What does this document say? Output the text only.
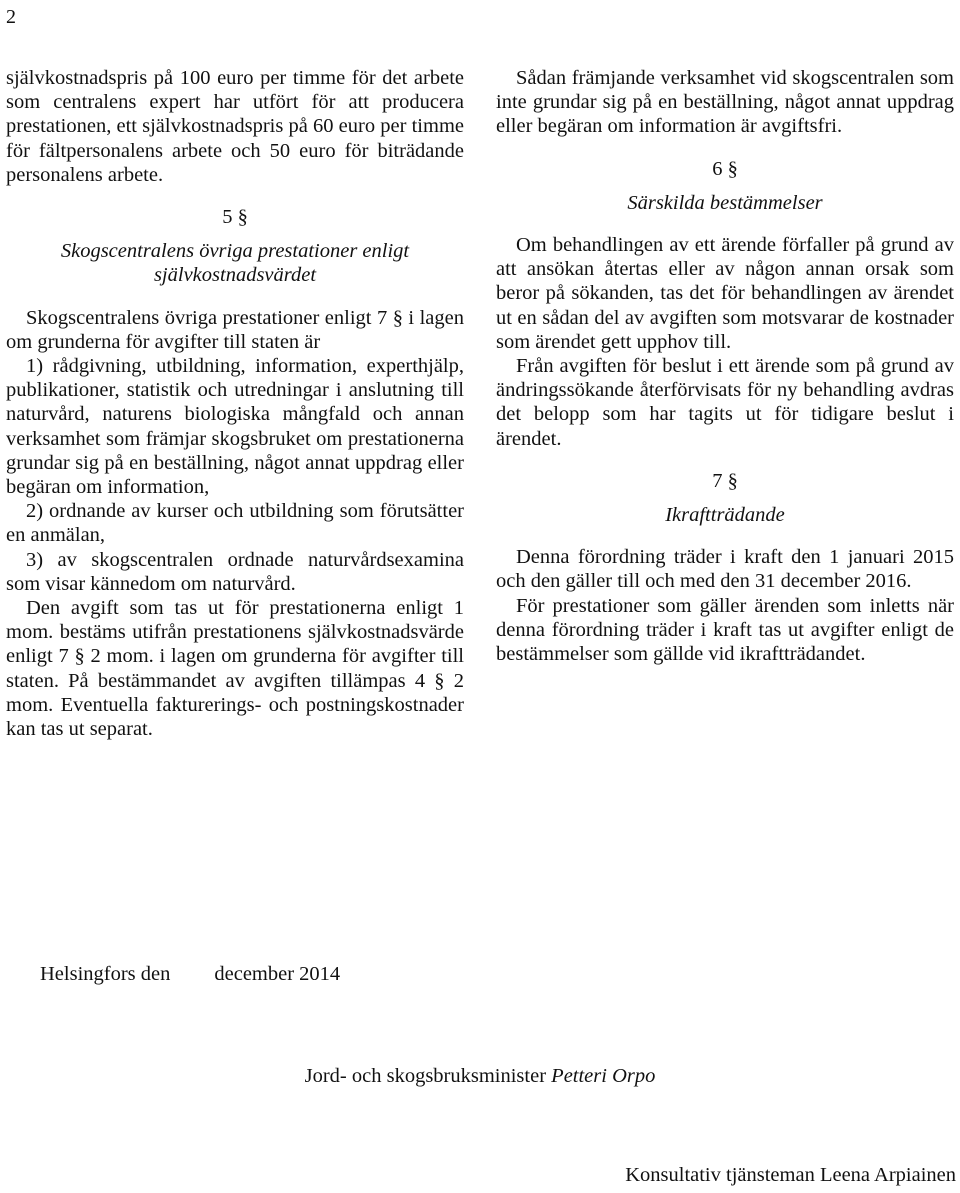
2

självkostnadspris på 100 euro per timme för det arbete som centralens expert har utfört för att producera prestationen, ett självkostnadspris på 60 euro per timme för fältpersonalens arbete och 50 euro för biträdande personalens arbete.

5 §
Skogscentralens övriga prestationer enligt självkostnadsvärdet

Skogscentralens övriga prestationer enligt 7 § i lagen om grunderna för avgifter till staten är

1) rådgivning, utbildning, information, experthjälp, publikationer, statistik och utredningar i anslutning till naturvård, naturens biologiska mångfald och annan verksamhet som främjar skogsbruket om prestationerna grundar sig på en beställning, något annat uppdrag eller begäran om information,

2) ordnande av kurser och utbildning som förutsätter en anmälan,

3) av skogscentralen ordnade naturvårdsexamina som visar kännedom om naturvård.

Den avgift som tas ut för prestationerna enligt 1 mom. bestäms utifrån prestationens självkostnadsvärde enligt 7 § 2 mom. i lagen om grunderna för avgifter till staten. På bestämmandet av avgiften tillämpas 4 § 2 mom. Eventuella fakturerings- och postningskostnader kan tas ut separat.

Sådan främjande verksamhet vid skogscentralen som inte grundar sig på en beställning, något annat uppdrag eller begäran om information är avgiftsfri.

6 §
Särskilda bestämmelser

Om behandlingen av ett ärende förfaller på grund av att ansökan återtas eller av någon annan orsak som beror på sökanden, tas det för behandlingen av ärendet ut en sådan del av avgiften som motsvarar de kostnader som ärendet gett upphov till.

Från avgiften för beslut i ett ärende som på grund av ändringssökande återförvisats för ny behandling avdras det belopp som har tagits ut för tidigare beslut i ärendet.

7 §
Ikraftträdande

Denna förordning träder i kraft den 1 januari 2015 och den gäller till och med den 31 december 2016.

För prestationer som gäller ärenden som inletts när denna förordning träder i kraft tas ut avgifter enligt de bestämmelser som gällde vid ikraftträdandet.

Helsingfors den december 2014
Jord- och skogsbruksminister Petteri Orpo
Konsultativ tjänsteman Leena Arpiainen
